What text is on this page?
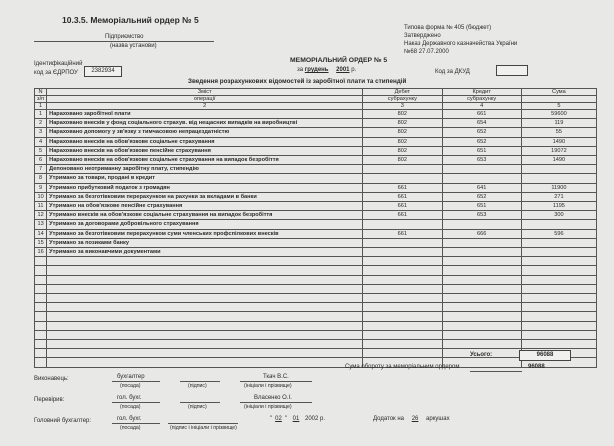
10.3.5. Меморіальний ордер № 5
Підприємство
(назва установи)
Ідентифікаційний
код за ЄДРПОУ	2382934
Типова форма № 405 (бюджет)
Затверджено
Наказ Державного казначейства України
№68 27.07.2000
МЕМОРІАЛЬНИЙ ОРДЕР № 5
за грудень 2001 р.	Код за ДКУД
Зведення розрахункових відомостей із заробітної плати та стипендій
N	Зміст	Дебет	Кредит	Сума
з/п	операції	субрахунку	субрахунку	
1	2	3	4	5
1	Нараховано заробітної плати	802	661	59600
2	Нараховано внесків у фонд соціального страхув. від нещасних випадків на виробництві	802	654	119
3	Нараховано допомогу у зв'язку з тимчасовою непрацездатністю	802	652	55
4	Нараховано внесків на обов'язкове соціальне страхування	802	652	1490
5	Нараховано внесків на обов'язкове пенсійне страхування	802	651	19072
6	Нараховано внесків на обов'язкове соціальне страхування на випадок безробіття	802	653	1490
7	Депоновано неотриманну заробітну плату, стипендію			
8	Утримано за товари, продані в кредит			
9	Утримано прибутковий податок з громадян	661	641	11900
10	Утримано за безготівковим перерахунком на рахунки за вкладами в банки	661	652	271
11	Утримано на обов'язкове пенсійне страхування	661	651	1195
12	Утримано внесків на обов'язкове соціальне страхування на випадок безробіття	661	653	300
13	Утримано за договорами добровільного страхування			
14	Утримано за безготівковим перерахунком суми членських профспілкових внесків	661	666	596
15	Утримано за позиками банку			
16	Утримано за виконавчими документами			

Усього:	96088
Сума обороту за меморіальним ордером	96088
Виконавець:	бухгалтер	Ткач В.С.
(посада)	(підпис)	(ініціали і прізвище)
Перевірив:	гол. бухг.	Власенко О.І.
(посада)	(підпис)	(ініціали і прізвище)
Головний бухгалтер:	гол. бухг.
(посада)	(підпис і ініціали і прізвище)
" 02 " 01 2002 р.	Додаток на 26 аркушах
